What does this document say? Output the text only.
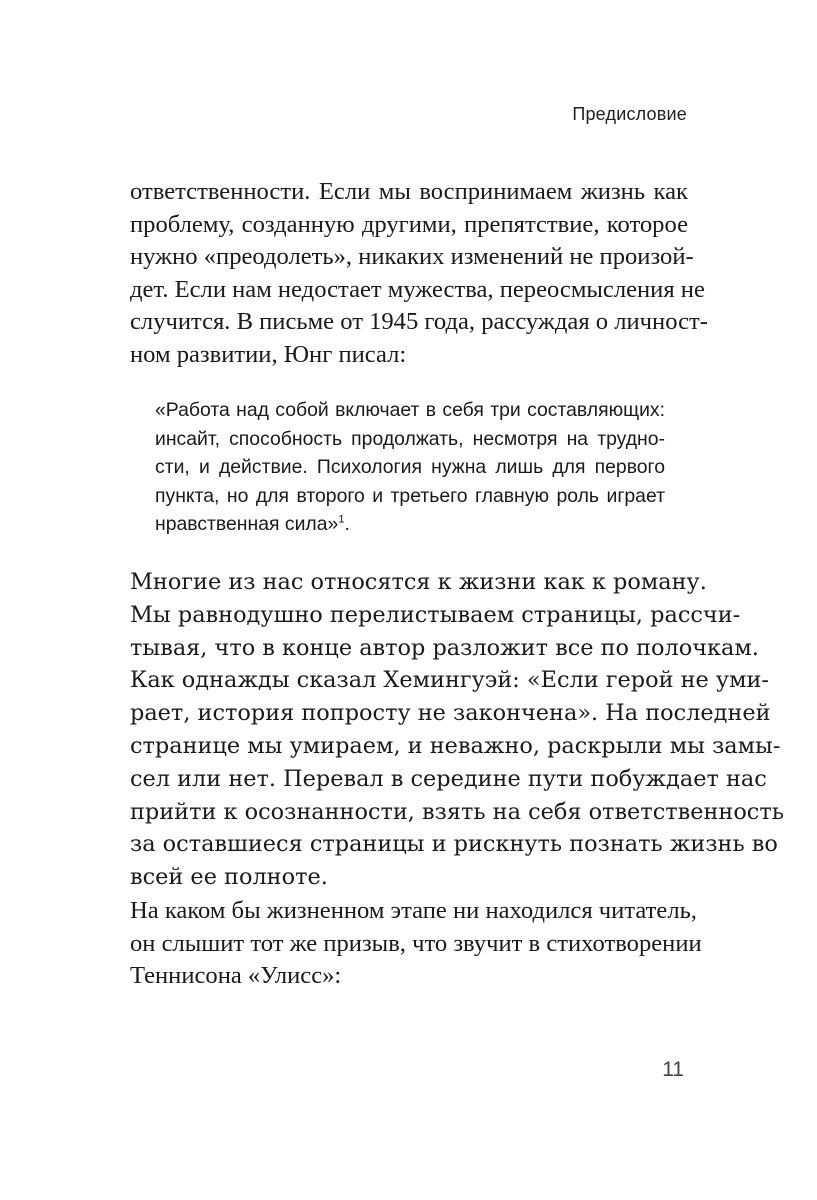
Предисловие
ответственности. Если мы воспринимаем жизнь как
проблему, созданную другими, препятствие, которое
нужно «преодолеть», никаких изменений не произой-
дет. Если нам недостает мужества, переосмысления не
случится. В письме от 1945 года, рассуждая о личност-
ном развитии, Юнг писал:
«Работа над собой включает в себя три составляющих:
инсайт, способность продолжать, несмотря на трудно-
сти, и действие. Психология нужна лишь для первого
пункта, но для второго и третьего главную роль играет
нравственная сила»$^1$.
Многие из нас относятся к жизни как к роману.
Мы равнодушно перелистываем страницы, рассчи-
тывая, что в конце автор разложит все по полочкам.
Как однажды сказал Хемингуэй: «Если герой не уми-
рает, история попросту не закончена». На последней
странице мы умираем, и неважно, раскрыли мы замы-
сел или нет. Перевал в середине пути побуждает нас
прийти к осознанности, взять на себя ответственность
за оставшиеся страницы и рискнуть познать жизнь во
всей ее полноте.
На каком бы жизненном этапе ни находился читатель,
он слышит тот же призыв, что звучит в стихотворении
Теннисона «Улисс»:
11
